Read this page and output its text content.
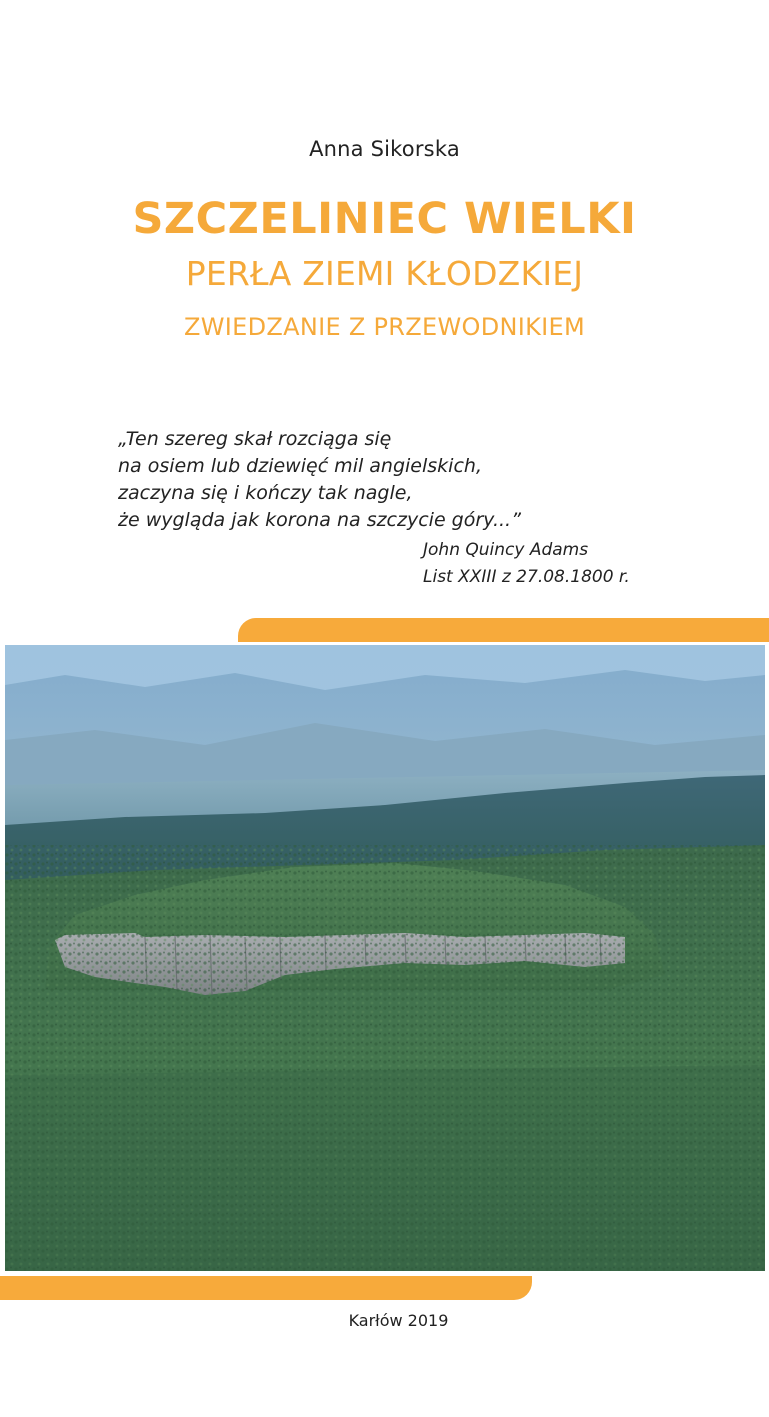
Anna Sikorska
SZCZELINIEC WIELKI
PERŁA ZIEMI KŁODZKIEJ
ZWIEDZANIE Z PRZEWODNIKIEM
„Ten szereg skał rozciąga się
na osiem lub dziewięć mil angielskich,
zaczyna się i kończy tak nagle,
że wygląda jak korona na szczycie góry...”
John Quincy Adams
List XXIII z 27.08.1800 r.
Karłów 2019
